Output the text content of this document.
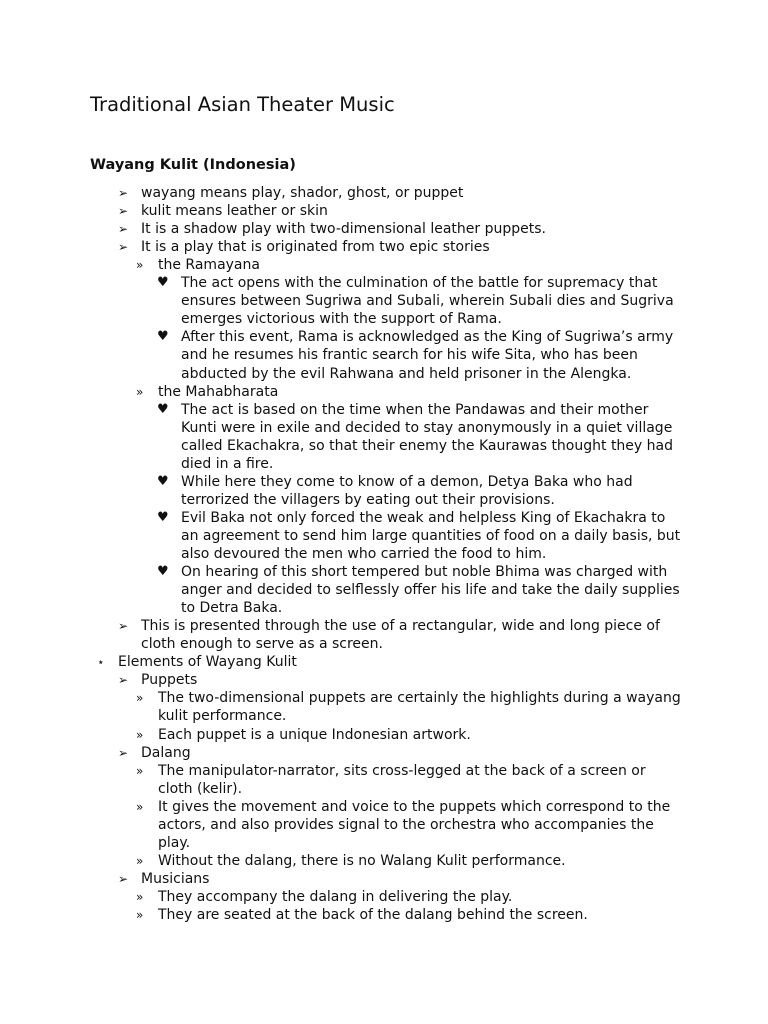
Traditional Asian Theater Music
Wayang Kulit (Indonesia)
➢ wayang means play, shador, ghost, or puppet
➢ kulit means leather or skin
➢ It is a shadow play with two-dimensional leather puppets.
➢ It is a play that is originated from two epic stories
» the Ramayana
♥ The act opens with the culmination of the battle for supremacy that
ensures between Sugriwa and Subali, wherein Subali dies and Sugriva
emerges victorious with the support of Rama.
♥ After this event, Rama is acknowledged as the King of Sugriwa’s army
and he resumes his frantic search for his wife Sita, who has been
abducted by the evil Rahwana and held prisoner in the Alengka.
» the Mahabharata
♥ The act is based on the time when the Pandawas and their mother
Kunti were in exile and decided to stay anonymously in a quiet village
called Ekachakra, so that their enemy the Kaurawas thought they had
died in a fire.
♥ While here they come to know of a demon, Detya Baka who had
terrorized the villagers by eating out their provisions.
♥ Evil Baka not only forced the weak and helpless King of Ekachakra to
an agreement to send him large quantities of food on a daily basis, but
also devoured the men who carried the food to him.
♥ On hearing of this short tempered but noble Bhima was charged with
anger and decided to selflessly offer his life and take the daily supplies
to Detra Baka.
➢ This is presented through the use of a rectangular, wide and long piece of
cloth enough to serve as a screen.
⋆ Elements of Wayang Kulit
➢ Puppets
» The two-dimensional puppets are certainly the highlights during a wayang
kulit performance.
» Each puppet is a unique Indonesian artwork.
➢ Dalang
» The manipulator-narrator, sits cross-legged at the back of a screen or
cloth (kelir).
» It gives the movement and voice to the puppets which correspond to the
actors, and also provides signal to the orchestra who accompanies the
play.
» Without the dalang, there is no Walang Kulit performance.
➢ Musicians
» They accompany the dalang in delivering the play.
» They are seated at the back of the dalang behind the screen.
